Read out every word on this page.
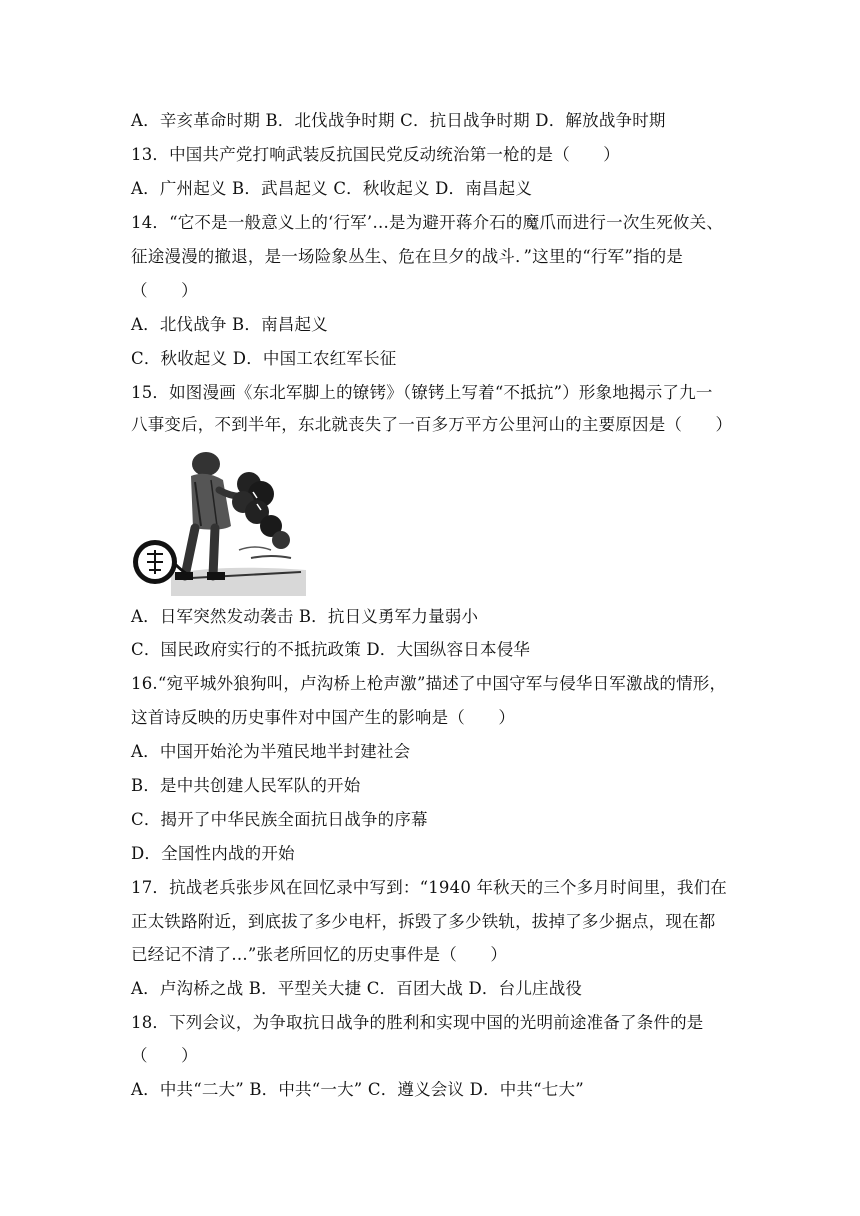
A．辛亥革命时期 B．北伐战争时期 C．抗日战争时期 D．解放战争时期
13．中国共产党打响武装反抗国民党反动统治第一枪的是（　　）
A．广州起义 B．武昌起义 C．秋收起义 D．南昌起义
14．“它不是一般意义上的‘行军’…是为避开蒋介石的魔爪而进行一次生死攸关、
征途漫漫的撤退，是一场险象丛生、危在旦夕的战斗．”这里的“行军”指的是
（　　）
A．北伐战争 B．南昌起义
C．秋收起义 D．中国工农红军长征
15．如图漫画《东北军脚上的镣铐》（镣铐上写着“不抵抗”）形象地揭示了九一
八事变后，不到半年，东北就丧失了一百多万平方公里河山的主要原因是（　　）
A．日军突然发动袭击 B．抗日义勇军力量弱小
C．国民政府实行的不抵抗政策 D．大国纵容日本侵华
16.“宛平城外狼狗叫，卢沟桥上枪声激”描述了中国守军与侵华日军激战的情形，
这首诗反映的历史事件对中国产生的影响是（　　）
A．中国开始沦为半殖民地半封建社会
B．是中共创建人民军队的开始
C．揭开了中华民族全面抗日战争的序幕
D．全国性内战的开始
17．抗战老兵张步风在回忆录中写到：“1940 年秋天的三个多月时间里，我们在
正太铁路附近，到底拔了多少电杆，拆毁了多少铁轨，拔掉了多少据点，现在都
已经记不清了…”张老所回忆的历史事件是（　　）
A．卢沟桥之战 B．平型关大捷 C．百团大战 D．台儿庄战役
18．下列会议，为争取抗日战争的胜利和实现中国的光明前途准备了条件的是
（　　）
A．中共“二大” B．中共“一大” C．遵义会议 D．中共“七大”
